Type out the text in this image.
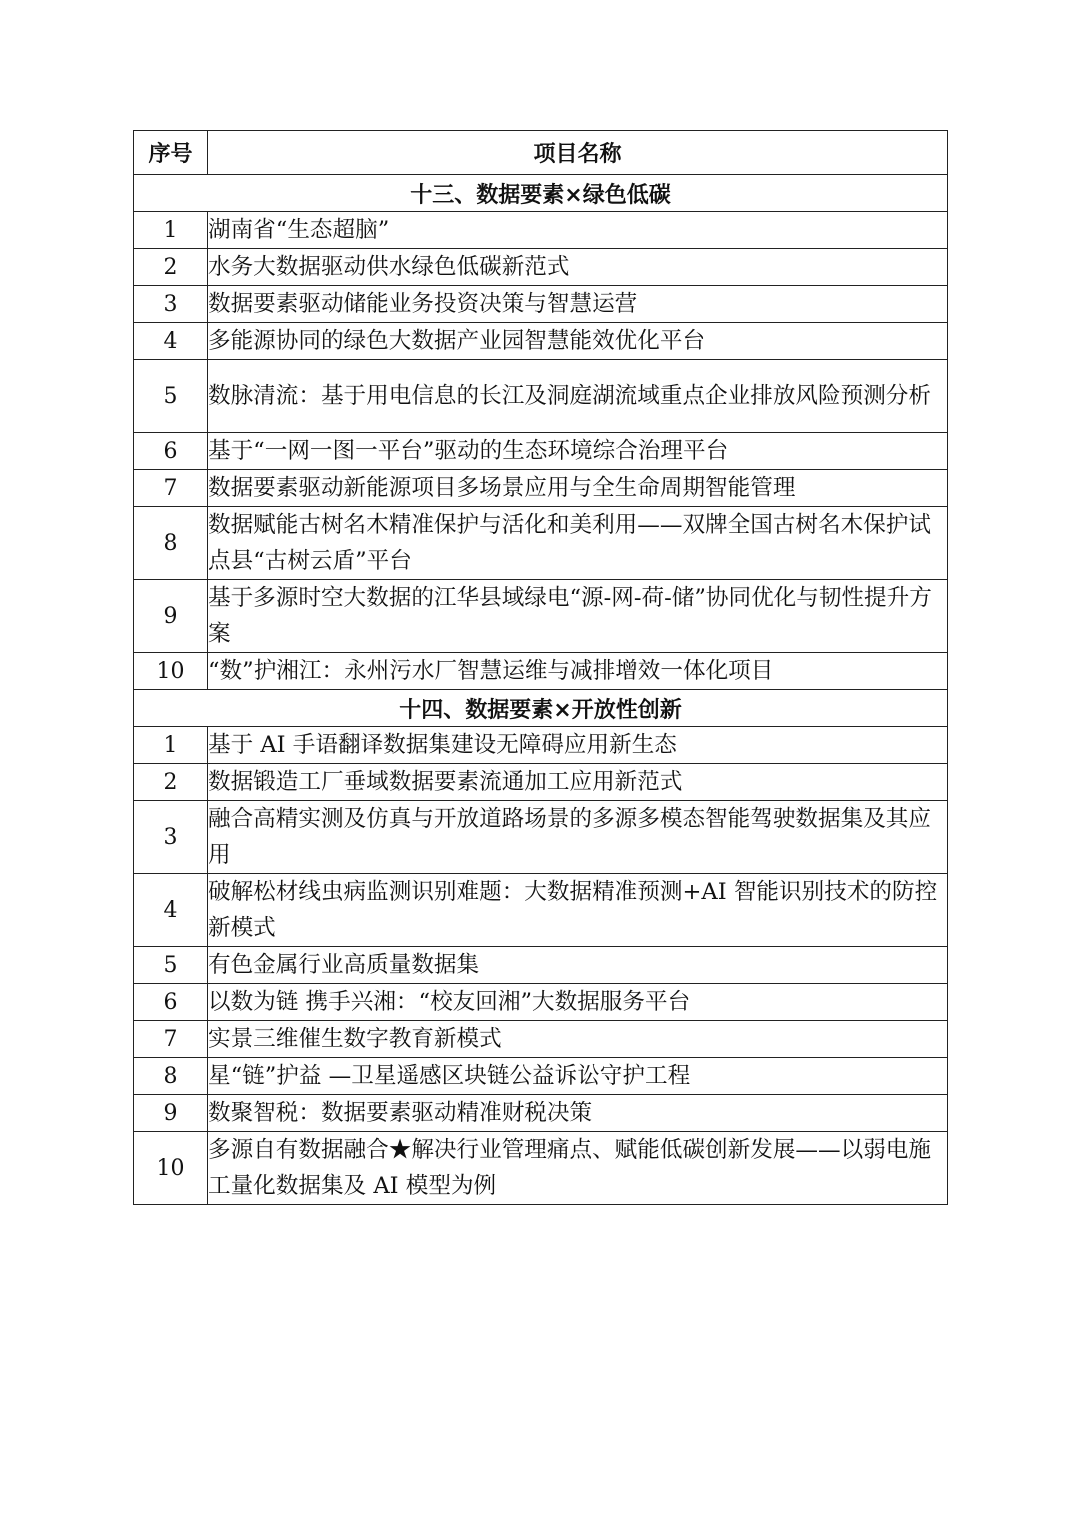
序号	项目名称
十三、数据要素×绿色低碳	
1	湖南省“生态超脑”
2	水务大数据驱动供水绿色低碳新范式
3	数据要素驱动储能业务投资决策与智慧运营
4	多能源协同的绿色大数据产业园智慧能效优化平台
5	数脉清流：基于用电信息的长江及洞庭湖流域重点企业排放风险预测分析
6	基于“一网一图一平台”驱动的生态环境综合治理平台
7	数据要素驱动新能源项目多场景应用与全生命周期智能管理
8	数据赋能古树名木精准保护与活化和美利用——双牌全国古树名木保护试点县“古树云盾”平台
9	基于多源时空大数据的江华县域绿电“源-网-荷-储”协同优化与韧性提升方案
10	“数”护湘江：永州污水厂智慧运维与减排增效一体化项目
十四、数据要素×开放性创新	
1	基于 AI 手语翻译数据集建设无障碍应用新生态
2	数据锻造工厂垂域数据要素流通加工应用新范式
3	融合高精实测及仿真与开放道路场景的多源多模态智能驾驶数据集及其应用
4	破解松材线虫病监测识别难题：大数据精准预测+AI 智能识别技术的防控新模式
5	有色金属行业高质量数据集
6	以数为链 携手兴湘：“校友回湘”大数据服务平台
7	实景三维催生数字教育新模式
8	星“链”护益 —卫星遥感区块链公益诉讼守护工程
9	数聚智税：数据要素驱动精准财税决策
10	多源自有数据融合★解决行业管理痛点、赋能低碳创新发展——以弱电施工量化数据集及 AI 模型为例
